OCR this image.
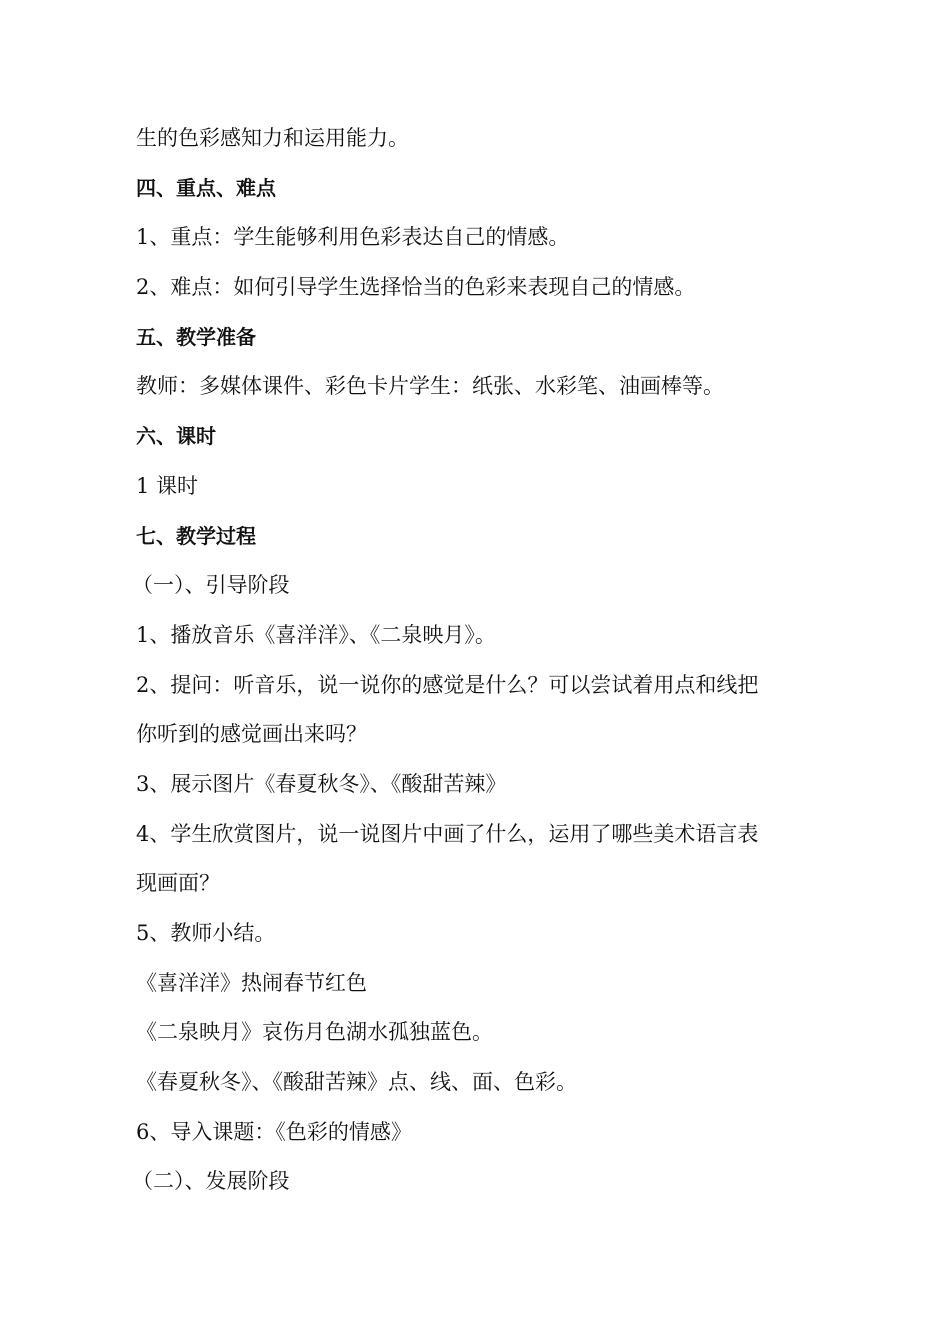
生的色彩感知力和运用能力。
四、重点、难点
1、重点：学生能够利用色彩表达自己的情感。
2、难点：如何引导学生选择恰当的色彩来表现自己的情感。
五、教学准备
教师：多媒体课件、彩色卡片学生：纸张、水彩笔、油画棒等。
六、课时
1 课时
七、教学过程
（一）、引导阶段
1、播放音乐《喜洋洋》、《二泉映月》。
2、提问：听音乐，说一说你的感觉是什么？可以尝试着用点和线把
你听到的感觉画出来吗？
3、展示图片《春夏秋冬》、《酸甜苦辣》
4、学生欣赏图片，说一说图片中画了什么，运用了哪些美术语言表
现画面？
5、教师小结。
《喜洋洋》热闹春节红色
《二泉映月》哀伤月色湖水孤独蓝色。
《春夏秋冬》、《酸甜苦辣》点、线、面、色彩。
6、导入课题：《色彩的情感》
（二）、发展阶段
